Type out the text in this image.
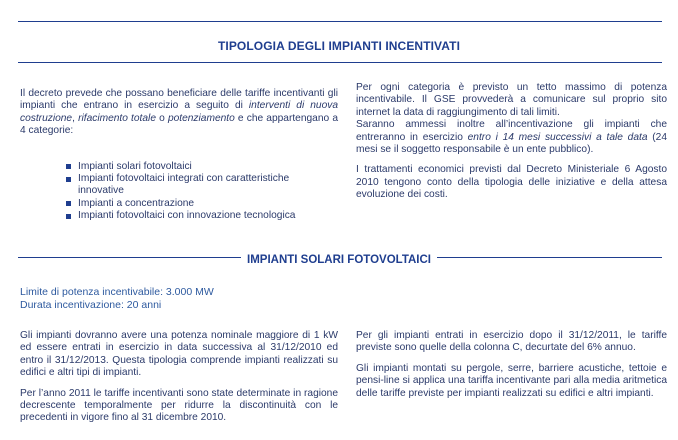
TIPOLOGIA DEGLI IMPIANTI INCENTIVATI

Il decreto prevede che possano beneficiare delle tariffe incentivanti gli impianti che entrano in esercizio a seguito di interventi di nuova costruzione, rifacimento totale o potenziamento e che appartengano a 4 categorie:

Impianti solari fotovoltaici
Impianti fotovoltaici integrati con caratteristiche innovative
Impianti a concentrazione
Impianti fotovoltaici con innovazione tecnologica

Per ogni categoria è previsto un tetto massimo di potenza incentivabile. Il GSE provvederà a comunicare sul proprio sito internet la data di raggiungimento di tali limiti.

Saranno ammessi inoltre all’incentivazione gli impianti che entreranno in esercizio entro i 14 mesi successivi a tale data (24 mesi se il soggetto responsabile è un ente pubblico).

I trattamenti economici previsti dal Decreto Ministeriale 6 Agosto 2010 tengono conto della tipologia delle iniziative e della attesa evoluzione dei costi.

IMPIANTI SOLARI FOTOVOLTAICI
Limite di potenza incentivabile: 3.000 MW
Durata incentivazione: 20 anni

Gli impianti dovranno avere una potenza nominale maggiore di 1 kW ed essere entrati in esercizio in data successiva al 31/12/2010 ed entro il 31/12/2013. Questa tipologia comprende impianti realizzati su edifici e altri tipi di impianti.

Per l’anno 2011 le tariffe incentivanti sono state determinate in ragione decrescente temporalmente per ridurre la discontinuità con le precedenti in vigore fino al 31 dicembre 2010.

Per gli impianti entrati in esercizio dopo il 31/12/2011, le tariffe previste sono quelle della colonna C, decurtate del 6% annuo.

Gli impianti montati su pergole, serre, barriere acustiche, tettoie e pensi-line si applica una tariffa incentivante pari alla media aritmetica delle tariffe previste per impianti realizzati su edifici e altri impianti.
